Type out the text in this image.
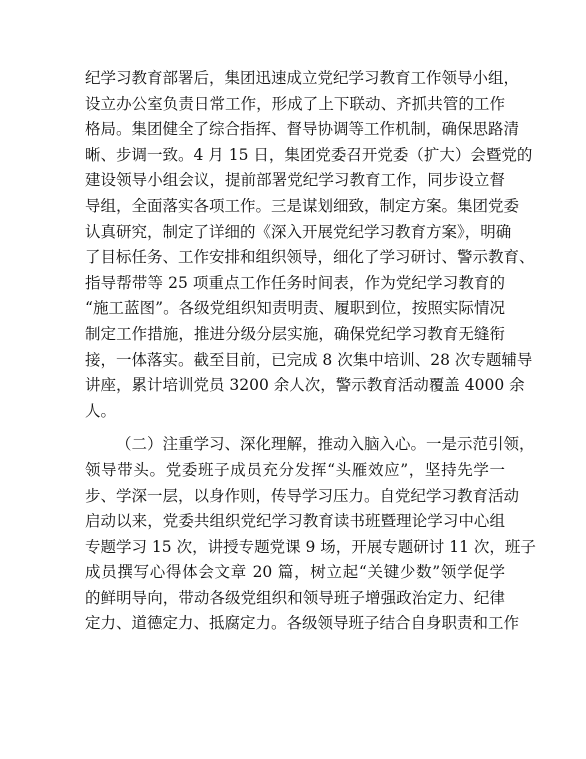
纪学习教育部署后，集团迅速成立党纪学习教育工作领导小组，
设立办公室负责日常工作，形成了上下联动、齐抓共管的工作
格局。集团健全了综合指挥、督导协调等工作机制，确保思路清
晰、步调一致。4 月 15 日，集团党委召开党委（扩大）会暨党的
建设领导小组会议，提前部署党纪学习教育工作，同步设立督
导组，全面落实各项工作。三是谋划细致，制定方案。集团党委
认真研究，制定了详细的《深入开展党纪学习教育方案》，明确
了目标任务、工作安排和组织领导，细化了学习研讨、警示教育、
指导帮带等 25 项重点工作任务时间表，作为党纪学习教育的
“施工蓝图”。各级党组织知责明责、履职到位，按照实际情况
制定工作措施，推进分级分层实施，确保党纪学习教育无缝衔
接，一体落实。截至目前，已完成 8 次集中培训、28 次专题辅导
讲座，累计培训党员 3200 余人次，警示教育活动覆盖 4000 余
人。
（二）注重学习、深化理解，推动入脑入心。一是示范引领，
领导带头。党委班子成员充分发挥“头雁效应”，坚持先学一
步、学深一层，以身作则，传导学习压力。自党纪学习教育活动
启动以来，党委共组织党纪学习教育读书班暨理论学习中心组
专题学习 15 次，讲授专题党课 9 场，开展专题研讨 11 次，班子
成员撰写心得体会文章 20 篇，树立起“关键少数”领学促学
的鲜明导向，带动各级党组织和领导班子增强政治定力、纪律
定力、道德定力、抵腐定力。各级领导班子结合自身职责和工作
